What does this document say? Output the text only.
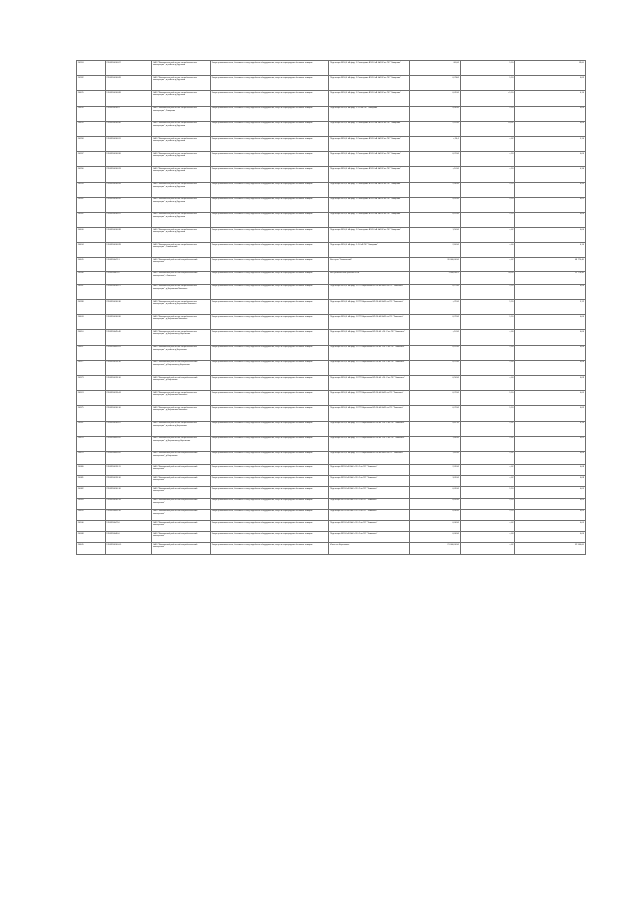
20553	2704350016-87	ОАО "Ивановская рай онная потребительская кооперация", в районе д.Кругляки	Закуп промышленного, бытового и тому подобного оборудования; закуп и перепродажа бытовых товаров	Под опоры ВЛ-0,4 кВ фид. 1 Самсорова ВЛ-10 кВ №102 по ПС "Заварово"	60,64	1,20	19,00
20592	2704350016-89	ОАО "Ивановская рай онная потребительская кооперация", в районе д.Кругляки	Закуп промышленного, бытового и тому подобного оборудования; закуп и перепродажа бытовых товаров	Под опоры ВЛ-0,4 кВ фид. 1 Самсорова ВЛ-10 кВ №102 по ПС "Заварово"	0,7004	1,20	0,65
20425	1704350016-88	ОАО "Ивановская рай онная потребительская кооперация", в районе д.Кругляки	Закуп промышленного, бытового и тому подобного оборудования; закуп и перепродажа бытовых товаров	Под опоры ВЛ-0,4 кВ фид. 1 Самсорова ВЛ-10 кВ №102 по ПС "Заварово"	0,4514	+1,20	4,14
20426	1704350016-5	ОАО "Ивановская рай онная потребительская кооперация", Заварово	Закуп промышленного, бытового и тому подобного оборудования; закуп и перепродажа бытовых товаров	Под опоры ВЛ-0,4 кВ фид. 1 -10 кВ ПС "Заварово"	-1,0014	+,20	0,04
20435	1704350016-90	ОАО "Ивановская рай онная потребительская кооперация", в районе д.Кругляки	Закуп промышленного, бытового и тому подобного оборудования; закуп и перепродажа бытовых товаров	Под опоры ВЛ-0,4 кВ фид. 1 Самсорова ВЛ-10 кВ №102 по ПС "Заварово"	2,1014	+0,02	0,04
20358	1704350016-91	ОАО "Ивановская рай онная потребительская кооперация", в районе д.Кругляки	Закуп промышленного, бытового и тому подобного оборудования; закуп и перепродажа бытовых товаров	Под опоры ВЛ-0,4 кВ фид. 1 Самсорова ВЛ-10 кВ №102 по ПС "Заварово"	+,20,4	+,02	5,10
20337	1704350016-96	ОАО "Ивановская рай онная потребительская кооперация", в районе д.Кругляки	Закуп промышленного, бытового и тому подобного оборудования; закуп и перепродажа бытовых товаров	Под опоры ВЛ-0,4 кВ фид. 1 Самсорова ВЛ-10 кВ №102 по ПС "Заварово"	0,7014	+,20	0,04
20356	2704350016-93	ОАО "Ивановская рай онная потребительская кооперация", в районе д.Кругляки	Закуп промышленного, бытового и тому подобного оборудования; закуп и перепродажа бытовых товаров	Под опоры ВЛ-0,4 кВ фид. 1 Самсорова ВЛ-10 кВ №102 по ПС "Заварово"	+,1014	+,20	4,36
20359	2704350016-94	ОАО "Ивановская рай онная потребительская кооперация", в районе д.Кругляки	Закуп промышленного, бытового и тому подобного оборудования; закуп и перепродажа бытовых товаров	Под опоры ВЛ-0,4 кВ фид. 1 Самсорова ВЛ-10 кВ №102 по ПС "Заварово"	2,0014	1,20	4,45
20341	2704350016-95	ОАО "Ивановская рай онная потребительская кооперация", в районе д.Кругляки	Закуп промышленного, бытового и тому подобного оборудования; закуп и перепродажа бытовых товаров	Под опоры ВЛ-0,4 кВ фид. 1 Самсорова ВЛ-10 кВ №102 по ПС "Заварово"	4,4514	1,20	4,01
20342	1704350016-97	ОАО "Ивановская рай онная потребительская кооперация", в районе д.Кругляки	Закуп промышленного, бытового и тому подобного оборудования; закуп и перепродажа бытовых товаров	Под опоры ВЛ-0,4 кВ фид. 1 Самсорова ВЛ-10 кВ №102 по ПС "Заварово"	0,1014	+,20	0,04
20400	1704350016-98	ОАО "Ивановская рай онная потребительская кооперация", в районе д.Кругляки	Закуп промышленного, бытового и тому подобного оборудования; закуп и перепродажа бытовых товаров	Под опоры ВЛ-0,4 кВ фид. 1 Самсорова ВЛ-10 кВ №102 по ПС "Заварово"	1,5014	+,02	0,04
20434	1704350016-99	ОАО "Ивановская рай онная потребительская кооперация", Заволжский	Закуп промышленного, бытового и тому подобного оборудования; закуп и перепродажа бытовых товаров	Под опоры ВЛ-0,4 кВ фид. 1 -10 кВ ПС "Заварово"	2,6014	+,00	4,10
20445	1704350047-1	ОАО "Ивановский рай онный потребительский кооператив"	Закуп промышленного, бытового и тому подобного оборудования; закуп и перепродажа бытовых товаров	Вне куль-"Заволжский"	20 000,0014	+,02	48 770,40
20396	2704350067-2	ОАО "Ивановский рай онный потребительский кооператив", г.Заволжск	Закуп промышленного, бытового и тому подобного оборудования; закуп и перепродажа бытовых товаров	Все узаконенные работы ЕСМ	1 400,0021	59,00	12 776,40
20397	2704350016-27	ОАО "Ивановская рай онная потребительская кооперация", д.Чернигово/Заволжск	Закуп промышленного, бытового и тому подобного оборудования; закуп и перепродажа бытовых товаров	Под опоры ВЛ-0,4 кВ фид. 1 КТП Чернигово ВЛ-10 кВ №31 по ПС "Заволжск"	0,7514	1,20	6,00
20398	2704350016-30	ОАО "Ивановская рай онная потребительская кооперация", в районе д.Чернигово/Заволжск	Закуп промышленного, бытового и тому подобного оборудования; закуп и перепродажа бытовых товаров	Под опоры ВЛ-0,4 кВ фид. 1 КТП Чернигово ВЛ-10 кВ №31 по ПС "Заволжск"	+,2514	1,20	5,12
20403	1704350016-90	ОАО "Ивановская рай онная потребительская кооперация", д.Чернигово/Заволжск	Закуп промышленного, бытового и тому подобного оборудования; закуп и перепродажа бытовых товаров	Под опоры ВЛ-0,4 кВ фид. 1 КТП Чернигово ВЛ-10 кВ №31 по ПС "Заволжск"	0,7014	1,20	0,04
20410	1704350045-40	ОАО "Ивановская рай онная потребительская кооперация", д.Чернигово-д.Чернигово	Закуп промышленного, бытового и тому подобного оборудования; закуп и перепродажа бытовых товаров	Под опоры ВЛ-0,4 кВ фид. 1 КТП Чернигово ВЛ-10 кВ +20 -2 по ПС "Заволжск"	+,1014	+,00	0,04
20411	1704350045-41	ОАО "Ивановская рай онная потребительская кооперация", в районе д.Чернигово	Закуп промышленного, бытового и тому подобного оборудования; закуп и перепродажа бытовых товаров	Под опоры ВЛ-0,4 кВ фид. 1 КТП Чернигово ВЛ-10 кВ +20 -2 по ПС "Заволжск"	0,1014	+,00	0,04
20377	1704350019-10	ОАО "Ивановский рай онный потребительский кооператив", д.Чернигово-д.Чернигово	Закуп промышленного, бытового и тому подобного оборудования; закуп и перепродажа бытовых товаров	Под опоры ВЛ-0,4 кВ фид. 1 КТП Чернигово ВЛ-10 кВ +20 -2 по ПС "Заволжск"	0,7014	+,00	0,08
20373	1704350019-10	ОАО "Ивановский рай онный потребительский кооператив", д.Чернигово	Закуп промышленного, бытового и тому подобного оборудования; закуп и перепродажа бытовых товаров	Под опоры ВЛ-0,4 кВ фид. 1 КТП Чернигово ВЛ-10 кВ +20 -2 по ПС "Заволжск"	0,5014	+,00	0,09
20374	2704350019-44	ОАО "Ивановская рай онная потребительская кооперация", д.Чернигово/Заволжск	Закуп промышленного, бытового и тому подобного оборудования; закуп и перепродажа бытовых товаров	Под опоры ВЛ-0,4 кВ фид. 1 КТП Чернигово ВЛ-10 кВ №31 по ПС "Заволжск"	0,7014	1,20	0,65
20375	2704350016-10	ОАО "Ивановская рай онная потребительская кооперация", д.Чернигово/Заволжск	Закуп промышленного, бытового и тому подобного оборудования; закуп и перепродажа бытовых товаров	Под опоры ВЛ-0,4 кВ фид. 1 КТП Чернигово ВЛ-10 кВ №31 по ПС "Заволжск"	0,7014	1,20	0,65
20347	1704350016-47	ОАО "Ивановская рай онная потребительская кооперация", в районе д.Чернигово	Закуп промышленного, бытового и тому подобного оборудования; закуп и перепродажа бытовых товаров	Под опоры ВЛ-0,4 кВ фид. 1 КТП Чернигово ВЛ-10 кВ +20 -2 по ПС "Заволжск"	4,6714	+,02	0,10
20478	1704350045-42	ОАО "Ивановская рай онная потребительская кооперация", д.Чернигово-д.Чернигово	Закуп промышленного, бытового и тому подобного оборудования; закуп и перепродажа бытовых товаров	Под опоры ВЛ-0,4 кВ фид. 1 КТП Чернигово ВЛ-10 кВ +20 -2 по ПС "Заволжск"	+,8014	+,02	0,02
20470	1704350045-42	ОАО "Ивановский рай онный потребительский кооператив", д.Чернигово	Закуп промышленного, бытового и тому подобного оборудования; закуп и перепродажа бытовых товаров	Под опоры ВЛ-0,4 кВ фид. 1 КТП Чернигово ВЛ-10 кВ №31 по ПС "Заволжск"	+,6514	+,02	0,04
20080	1704350019-11	ОАО "Ивановский рай онный потребительский кооператив"	Закуп промышленного, бытового и тому подобного оборудования; закуп и перепродажа бытовых товаров	Под опоры ВЛ-10 кВ №4 +20 -2 по ПС "Заволжск"	2,0514	+,02	0,08
20081	2704350019-10	ОАО "Ивановский рай онный потребительский кооператив"	Закуп промышленного, бытового и тому подобного оборудования; закуп и перепродажа бытовых товаров	Под опоры ВЛ-10 кВ №4 +20 -2 по ПС "Заволжск"	3,0514	+,02	0,08
20082	2704350010-10	ОАО "Ивановский рай онный потребительский кооператив"	Закуп промышленного, бытового и тому подобного оборудования; закуп и перепродажа бытовых товаров	Под опоры ВЛ-10 кВ №4 +20 -2 по ПС "Заволжск"	0,0514	1,20	0,05
20093	2704350010-14	ОАО "Ивановский рай онный потребительский кооператив"	Закуп промышленного, бытового и тому подобного оборудования; закуп и перепродажа бытовых товаров	Под опоры ВЛ-10 кВ №4 +20 -2 по ПС "Заволжск"	0,0514	1,20	0,05
20405	1704350045-16	ОАО "Ивановский рай онный потребительский кооператив"	Закуп промышленного, бытового и тому подобного оборудования; закуп и перепродажа бытовых товаров	Под опоры ВЛ-10 кВ №4 +20 -2 по ПС "Заволжск"	0,0014	1,20	0,05
20106	1704350047-0	ОАО "Ивановский рай онный потребительский кооператив"	Закуп промышленного, бытового и тому подобного оборудования; закуп и перепродажа бытовых товаров	Под опоры ВЛ-10 кВ №4 +20 -2 по ПС "Заволжск"	0,0014	+,02	0,05
20008	1704350040-0	ОАО "Ивановский рай онный потребительский кооператив"	Закуп промышленного, бытового и тому подобного оборудования; закуп и перепродажа бытовых товаров	Под опоры ВЛ-10 кВ №4 +20 -2 по ПС "Заволжск"	0,0014	+,00	0,04
20445	1704350010-0-1	ОАО "Ивановский рай онный потребительский кооператив"	Закуп промышленного, бытового и тому подобного оборудования; закуп и перепродажа бытовых товаров	Итого по Чернигово:	21 000,0014	+,02	52 500,00
